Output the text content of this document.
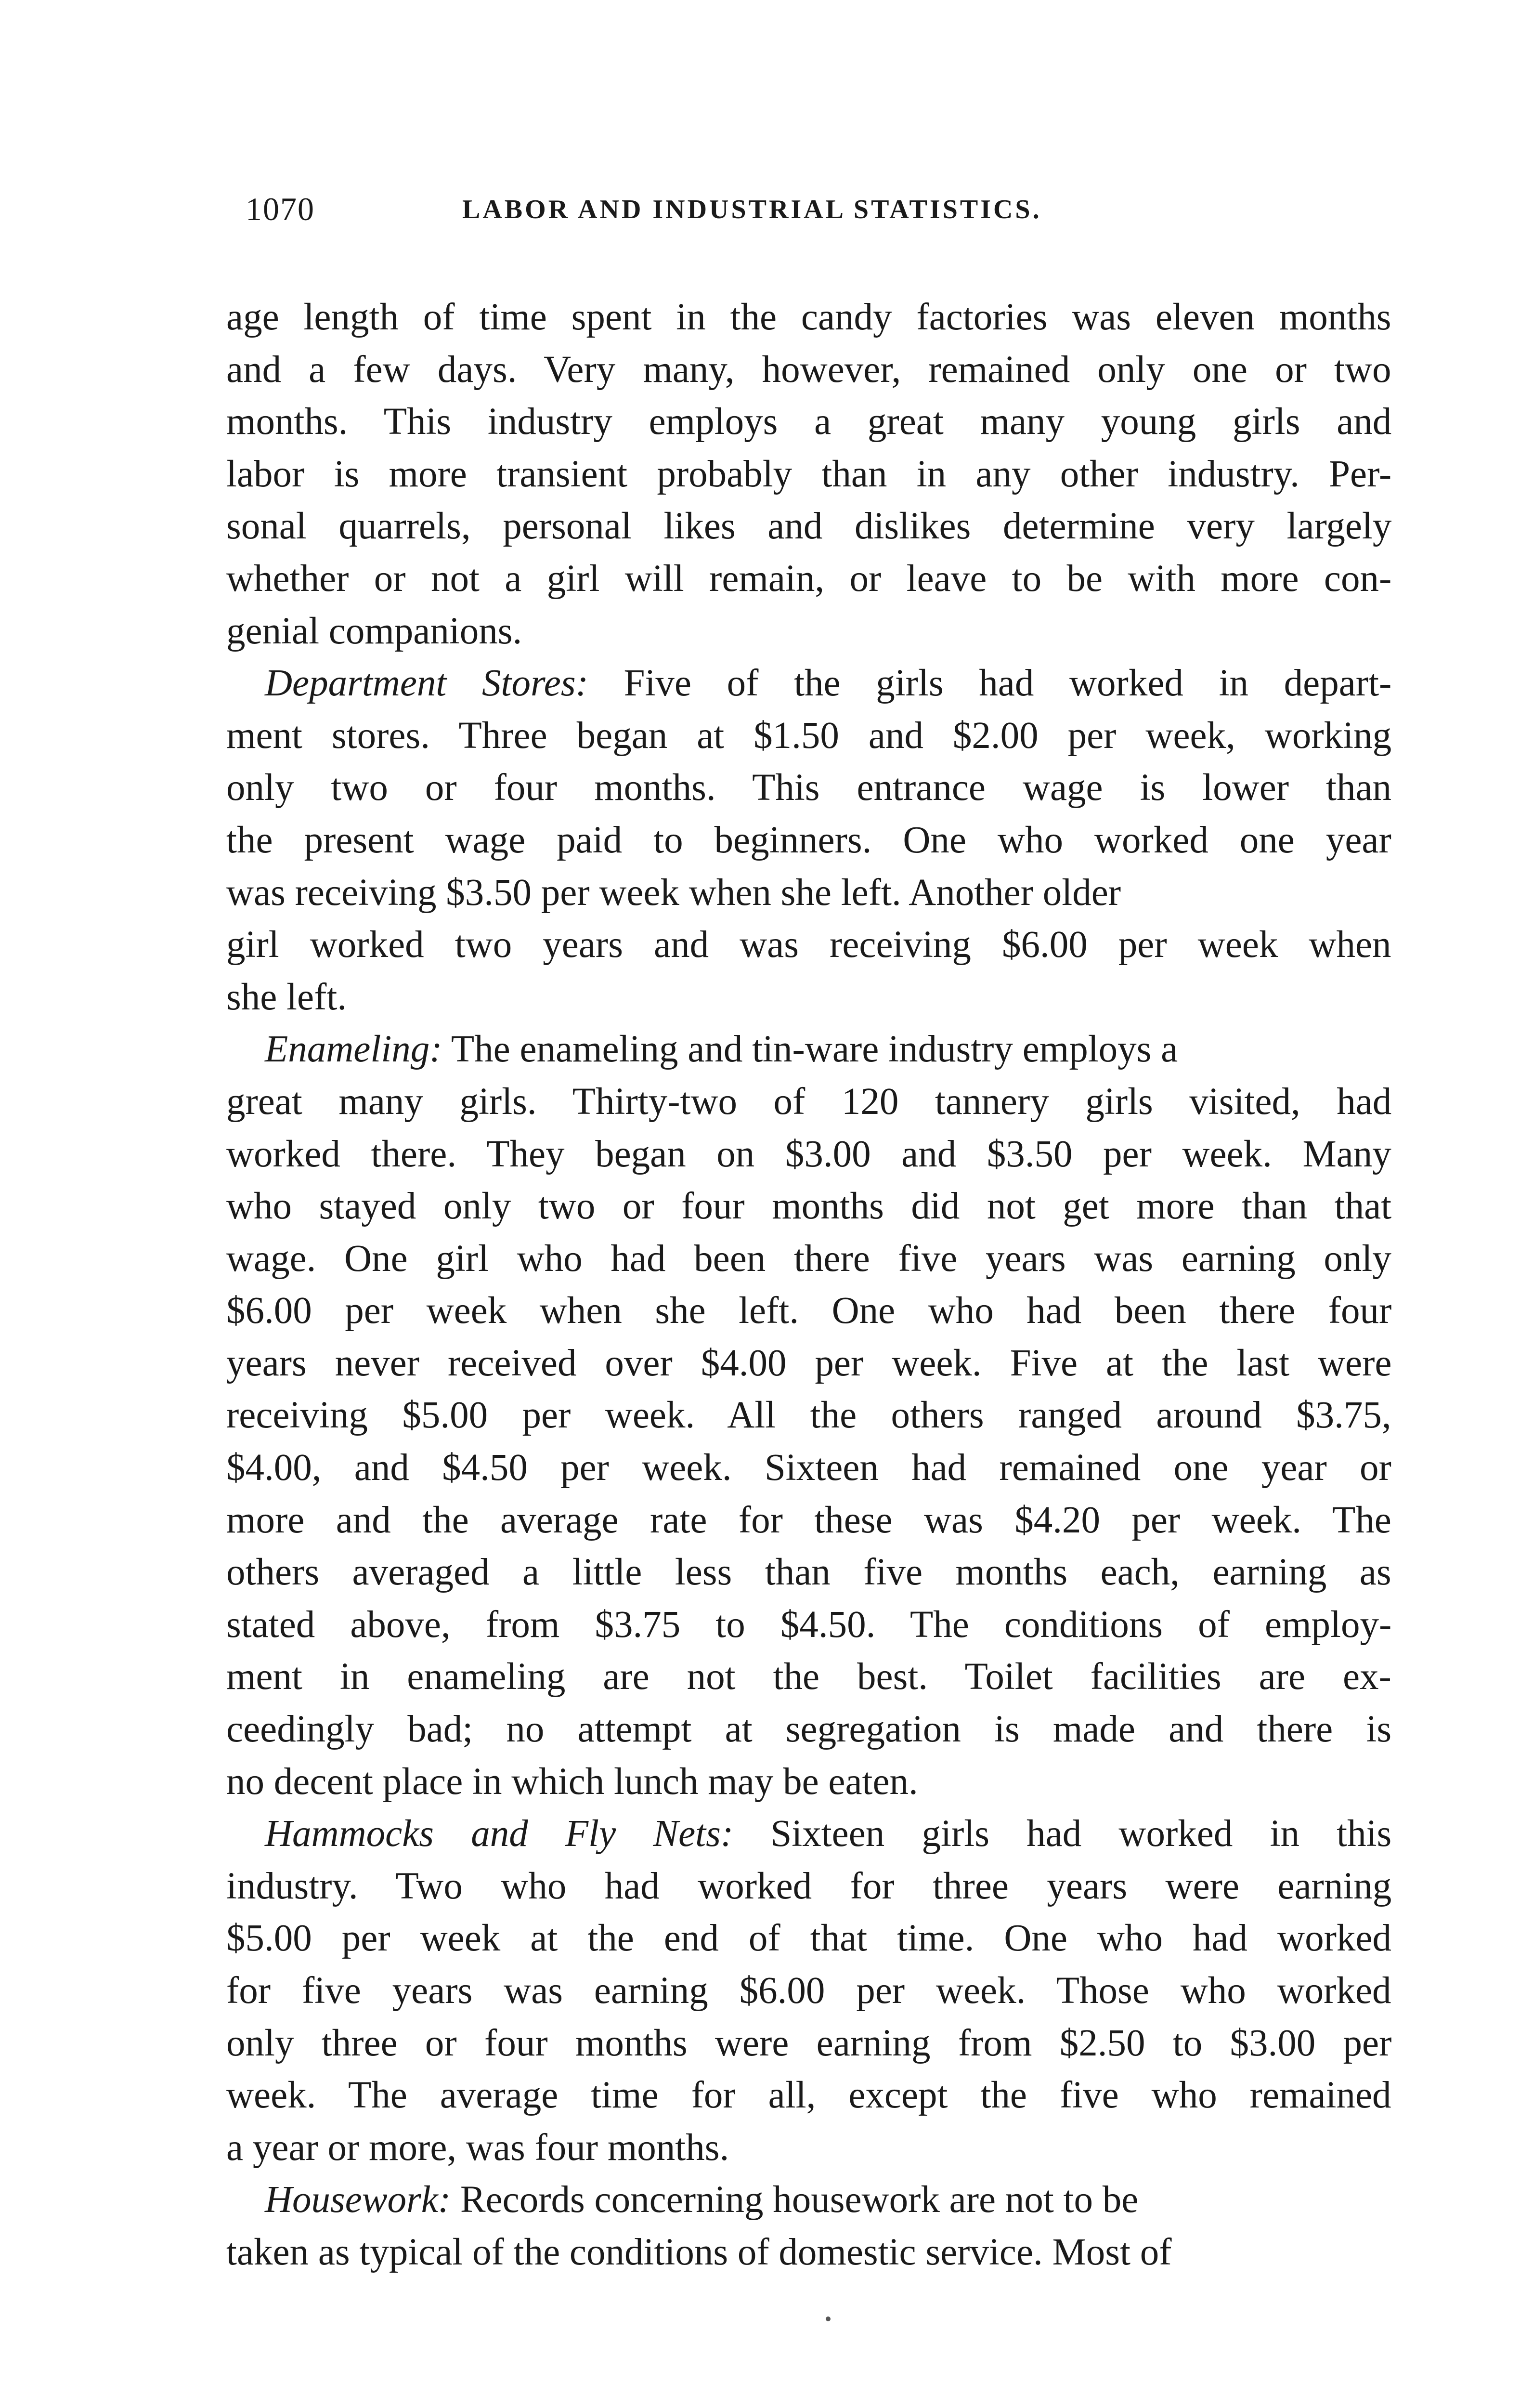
1070	LABOR AND INDUSTRIAL STATISTICS.
age length of time spent in the candy factories was eleven months
and a few days. Very many, however, remained only one or two
months. This industry employs a great many young girls and
labor is more transient probably than in any other industry. Per-
sonal quarrels, personal likes and dislikes determine very largely
whether or not a girl will remain, or leave to be with more con-
genial companions.
Department Stores: Five of the girls had worked in depart-
ment stores. Three began at $1.50 and $2.00 per week, working
only two or four months. This entrance wage is lower than
the present wage paid to beginners. One who worked one year
was receiving $3.50 per week when she left. Another older
girl worked two years and was receiving $6.00 per week when
she left.
Enameling: The enameling and tin-ware industry employs a
great many girls. Thirty-two of 120 tannery girls visited, had
worked there. They began on $3.00 and $3.50 per week. Many
who stayed only two or four months did not get more than that
wage. One girl who had been there five years was earning only
$6.00 per week when she left. One who had been there four
years never received over $4.00 per week. Five at the last were
receiving $5.00 per week. All the others ranged around $3.75,
$4.00, and $4.50 per week. Sixteen had remained one year or
more and the average rate for these was $4.20 per week. The
others averaged a little less than five months each, earning as
stated above, from $3.75 to $4.50. The conditions of employ-
ment in enameling are not the best. Toilet facilities are ex-
ceedingly bad; no attempt at segregation is made and there is
no decent place in which lunch may be eaten.
Hammocks and Fly Nets: Sixteen girls had worked in this
industry. Two who had worked for three years were earning
$5.00 per week at the end of that time. One who had worked
for five years was earning $6.00 per week. Those who worked
only three or four months were earning from $2.50 to $3.00 per
week. The average time for all, except the five who remained
a year or more, was four months.
Housework: Records concerning housework are not to be
taken as typical of the conditions of domestic service. Most of
